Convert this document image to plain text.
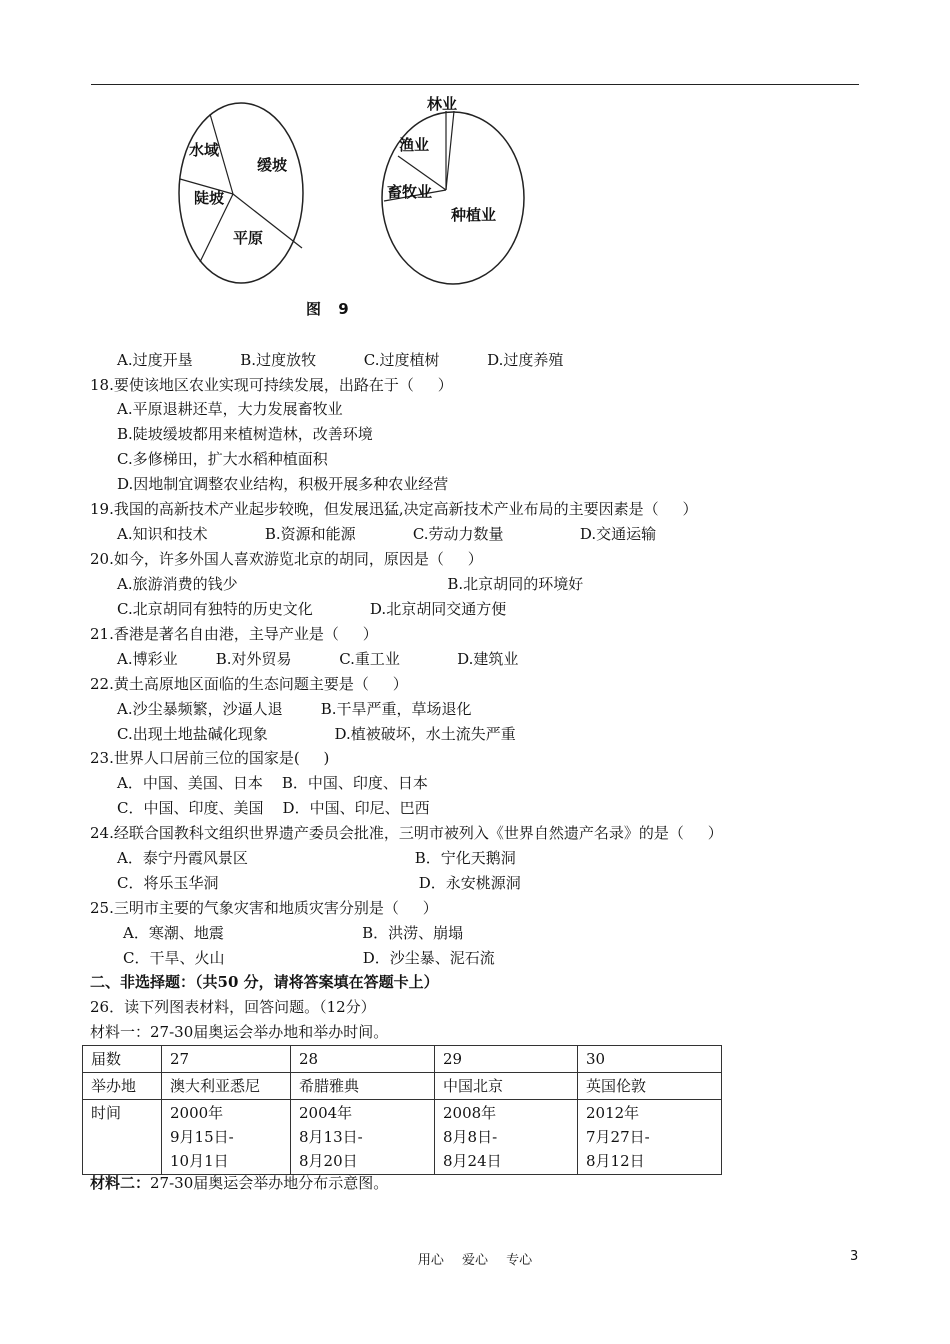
水域
缓坡
陡坡
平原
林业
渔业
畜牧业
种植业
图 9
A.过度开垦          B.过度放牧          C.过度植树          D.过度养殖
18.要使该地区农业实现可持续发展，出路在于（     ）
A.平原退耕还草，大力发展畜牧业
B.陡坡缓坡都用来植树造林，改善环境
C.多修梯田，扩大水稻种植面积
D.因地制宜调整农业结构，积极开展多种农业经营
19.我国的高新技术产业起步较晚，但发展迅猛,决定高新技术产业布局的主要因素是（     ）
A.知识和技术            B.资源和能源            C.劳动力数量                D.交通运输
20.如今，许多外国人喜欢游览北京的胡同，原因是（     ）
A.旅游消费的钱少                                            B.北京胡同的环境好
C.北京胡同有独特的历史文化            D.北京胡同交通方便
21.香港是著名自由港，主导产业是（     ）
A.博彩业        B.对外贸易          C.重工业            D.建筑业
22.黄土高原地区面临的生态问题主要是（     ）
A.沙尘暴频繁，沙逼人退        B.干旱严重，草场退化
C.出现土地盐碱化现象              D.植被破坏，水土流失严重
23.世界人口居前三位的国家是(     )
A．中国、美国、日本    B．中国、印度、日本
C．中国、印度、美国    D．中国、印尼、巴西
24.经联合国教科文组织世界遗产委员会批准，三明市被列入《世界自然遗产名录》的是（     ）
A．泰宁丹霞风景区                                   B．宁化天鹅洞
C．将乐玉华洞                                          D．永安桃源洞
25.三明市主要的气象灾害和地质灾害分别是（     ）
A．寒潮、地震                             B．洪涝、崩塌
C．干旱、火山                             D．沙尘暴、泥石流
二、非选择题：（共50 分，请将答案填在答题卡上）
26．读下列图表材料，回答问题。（12分）
材料一：27-30届奥运会举办地和举办时间。
届数	27	28	29	30
举办地	澳大利亚悉尼	希腊雅典	中国北京	英国伦敦
时间	2000年
9月15日-
10月1日	2004年
8月13日-
8月20日	2008年
8月8日-
8月24日	2012年
7月27日-
8月12日
材料二：27-30届奥运会举办地分布示意图。
用心 爱心 专心	3
